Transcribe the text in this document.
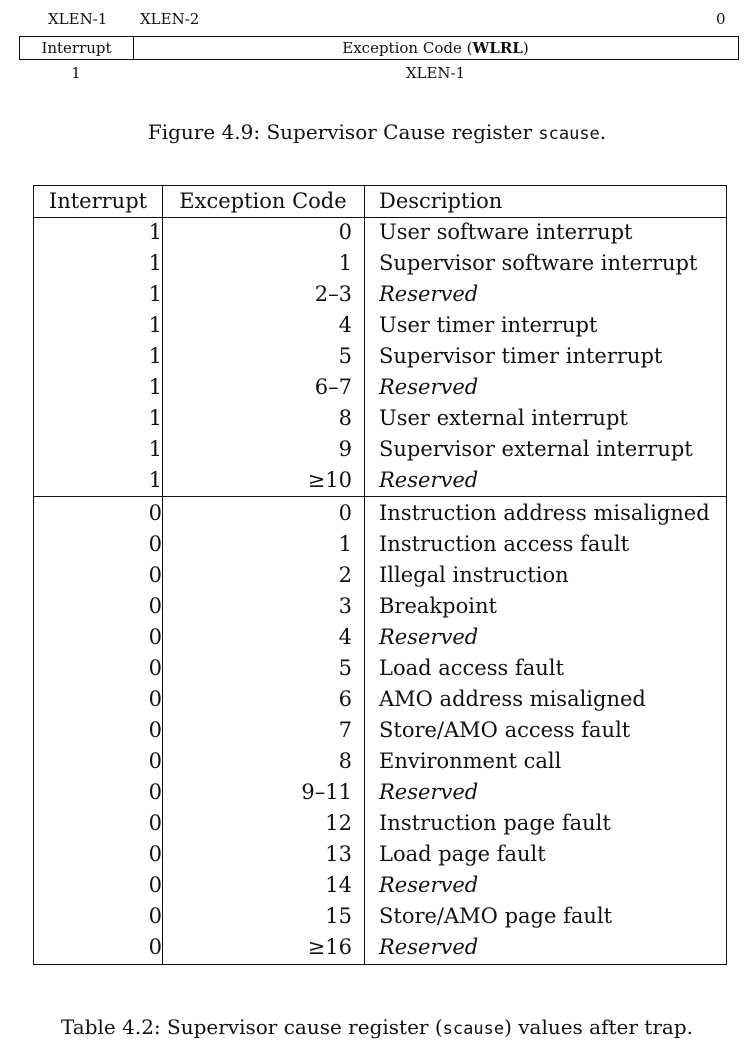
XLEN-1 XLEN-2	0
Interrupt	Exception Code (WLRL)
1	XLEN-1
Figure 4.9: Supervisor Cause register scause.
Interrupt	Exception Code	Description
1	0 User software interrupt
1	1 Supervisor software interrupt
1	2–3 Reserved
1	4 User timer interrupt
1	5 Supervisor timer interrupt
1	6–7 Reserved
1	8 User external interrupt
1	9 Supervisor external interrupt
1	≥10 Reserved
0	0 Instruction address misaligned
0	1 Instruction access fault
0	2 Illegal instruction
0	3 Breakpoint
0	4 Reserved
0	5 Load access fault
0	6 AMO address misaligned
0	7 Store/AMO access fault
0	8 Environment call
0	9–11 Reserved
0	12 Instruction page fault
0	13 Load page fault
0	14 Reserved
0	15 Store/AMO page fault
0	≥16 Reserved
Table 4.2: Supervisor cause register (scause) values after trap.
